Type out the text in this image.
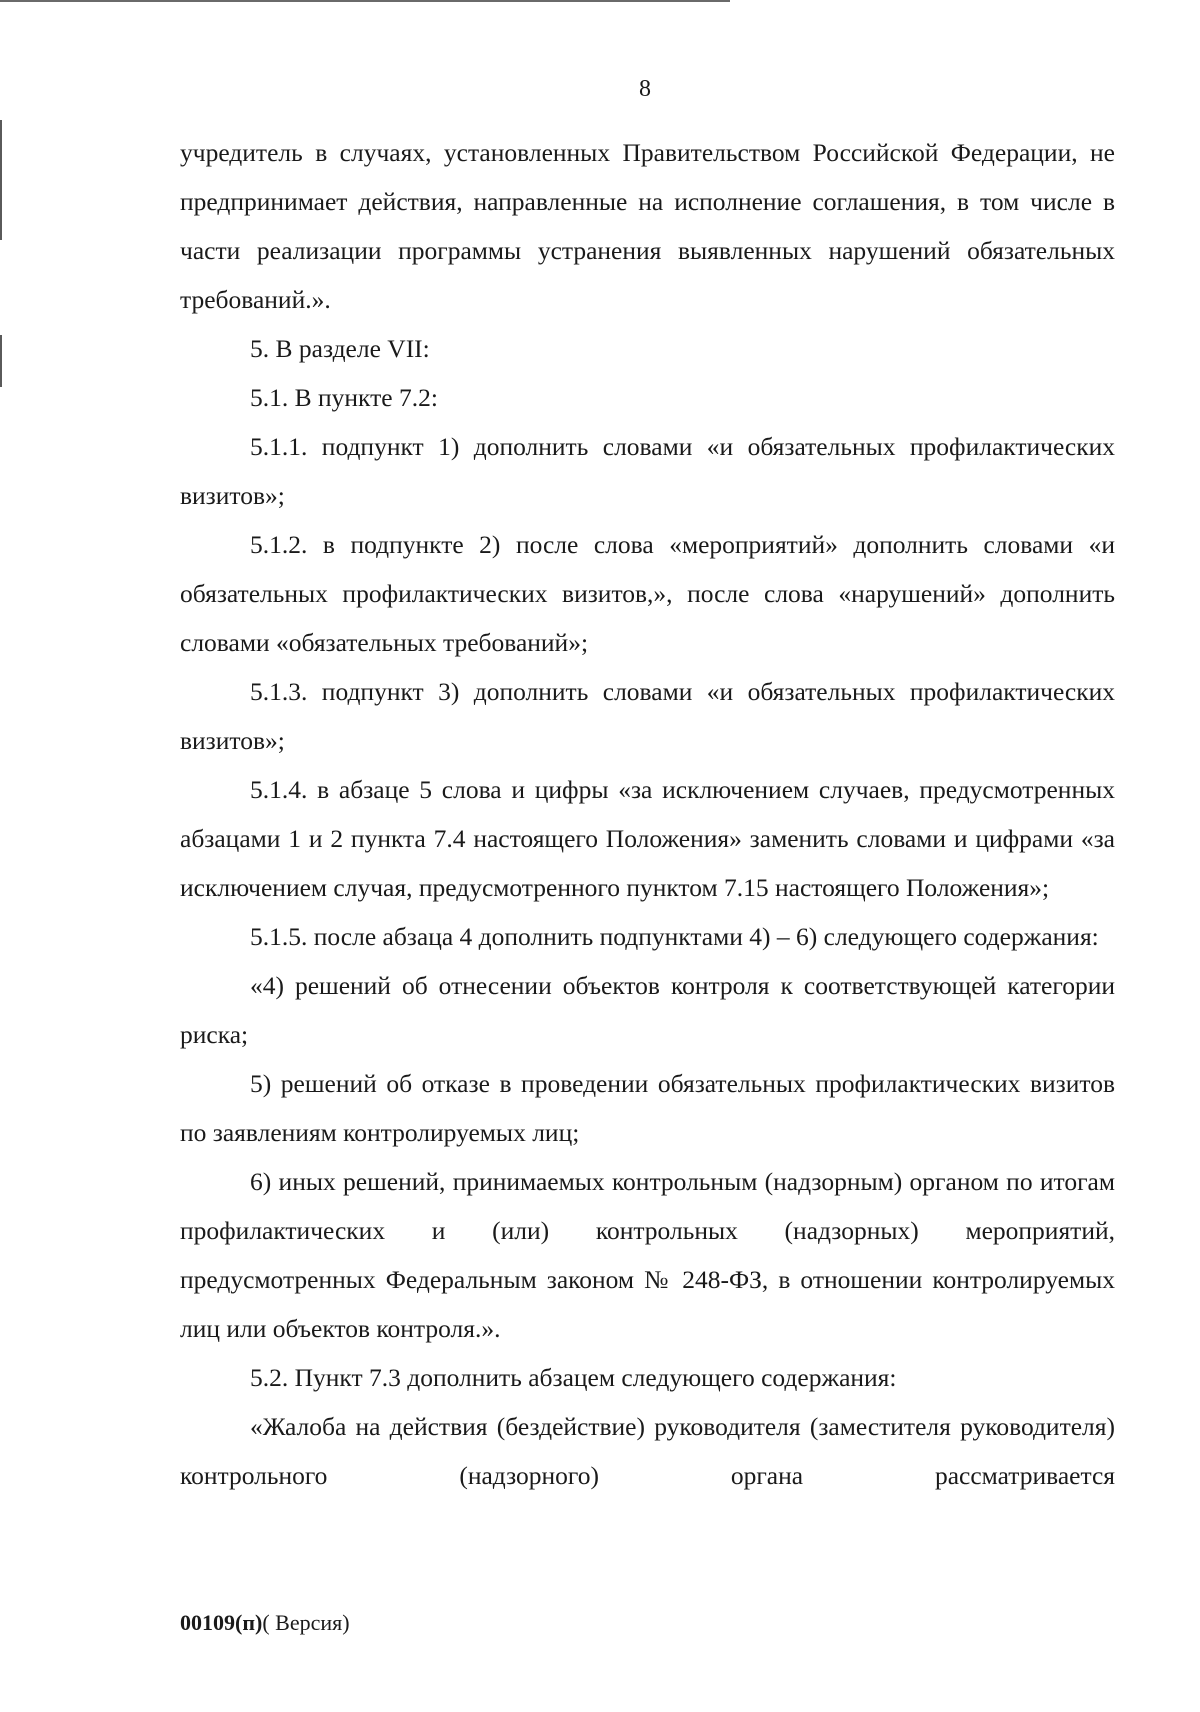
8

учредитель в случаях, установленных Правительством Российской Федерации, не предпринимает действия, направленные на исполнение соглашения, в том числе в части реализации программы устранения выявленных нарушений обязательных требований.».

5. В разделе VII:

5.1. В пункте 7.2:

5.1.1. подпункт 1) дополнить словами «и обязательных профилактических визитов»;

5.1.2. в подпункте 2) после слова «мероприятий» дополнить словами «и обязательных профилактических визитов,», после слова «нарушений» дополнить словами «обязательных требований»;

5.1.3. подпункт 3) дополнить словами «и обязательных профилактических визитов»;

5.1.4. в абзаце 5 слова и цифры «за исключением случаев, предусмотренных абзацами 1 и 2 пункта 7.4 настоящего Положения» заменить словами и цифрами «за исключением случая, предусмотренного пунктом 7.15 настоящего Положения»;

5.1.5. после абзаца 4 дополнить подпунктами 4) – 6) следующего содержания:

«4) решений об отнесении объектов контроля к соответствующей категории риска;

5) решений об отказе в проведении обязательных профилактических визитов по заявлениям контролируемых лиц;

6) иных решений, принимаемых контрольным (надзорным) органом по итогам профилактических и (или) контрольных (надзорных) мероприятий, предусмотренных Федеральным законом № 248-ФЗ, в отношении контролируемых лиц или объектов контроля.».

5.2. Пункт 7.3 дополнить абзацем следующего содержания:

«Жалоба на действия (бездействие) руководителя (заместителя руководителя) контрольного (надзорного) органа рассматривается

00109(п)( Версия)
